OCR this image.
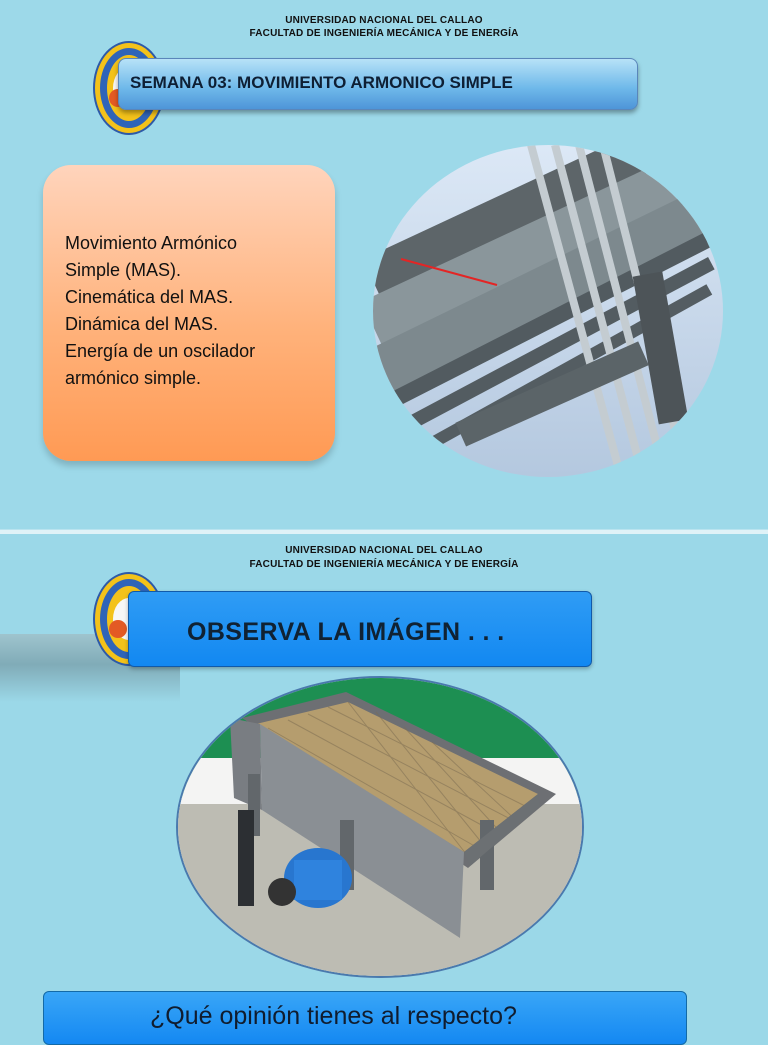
UNIVERSIDAD NACIONAL DEL CALLAO
FACULTAD DE INGENIERÍA MECÁNICA Y DE ENERGÍA
SEMANA 03: MOVIMIENTO ARMONICO SIMPLE
Movimiento Armónico
Simple (MAS).
Cinemática del MAS.
Dinámica del MAS.
Energía de un oscilador
armónico simple.
UNIVERSIDAD NACIONAL DEL CALLAO
FACULTAD DE INGENIERÍA MECÁNICA Y DE ENERGÍA
OBSERVA LA IMÁGEN . . .
¿Qué opinión tienes al respecto?
